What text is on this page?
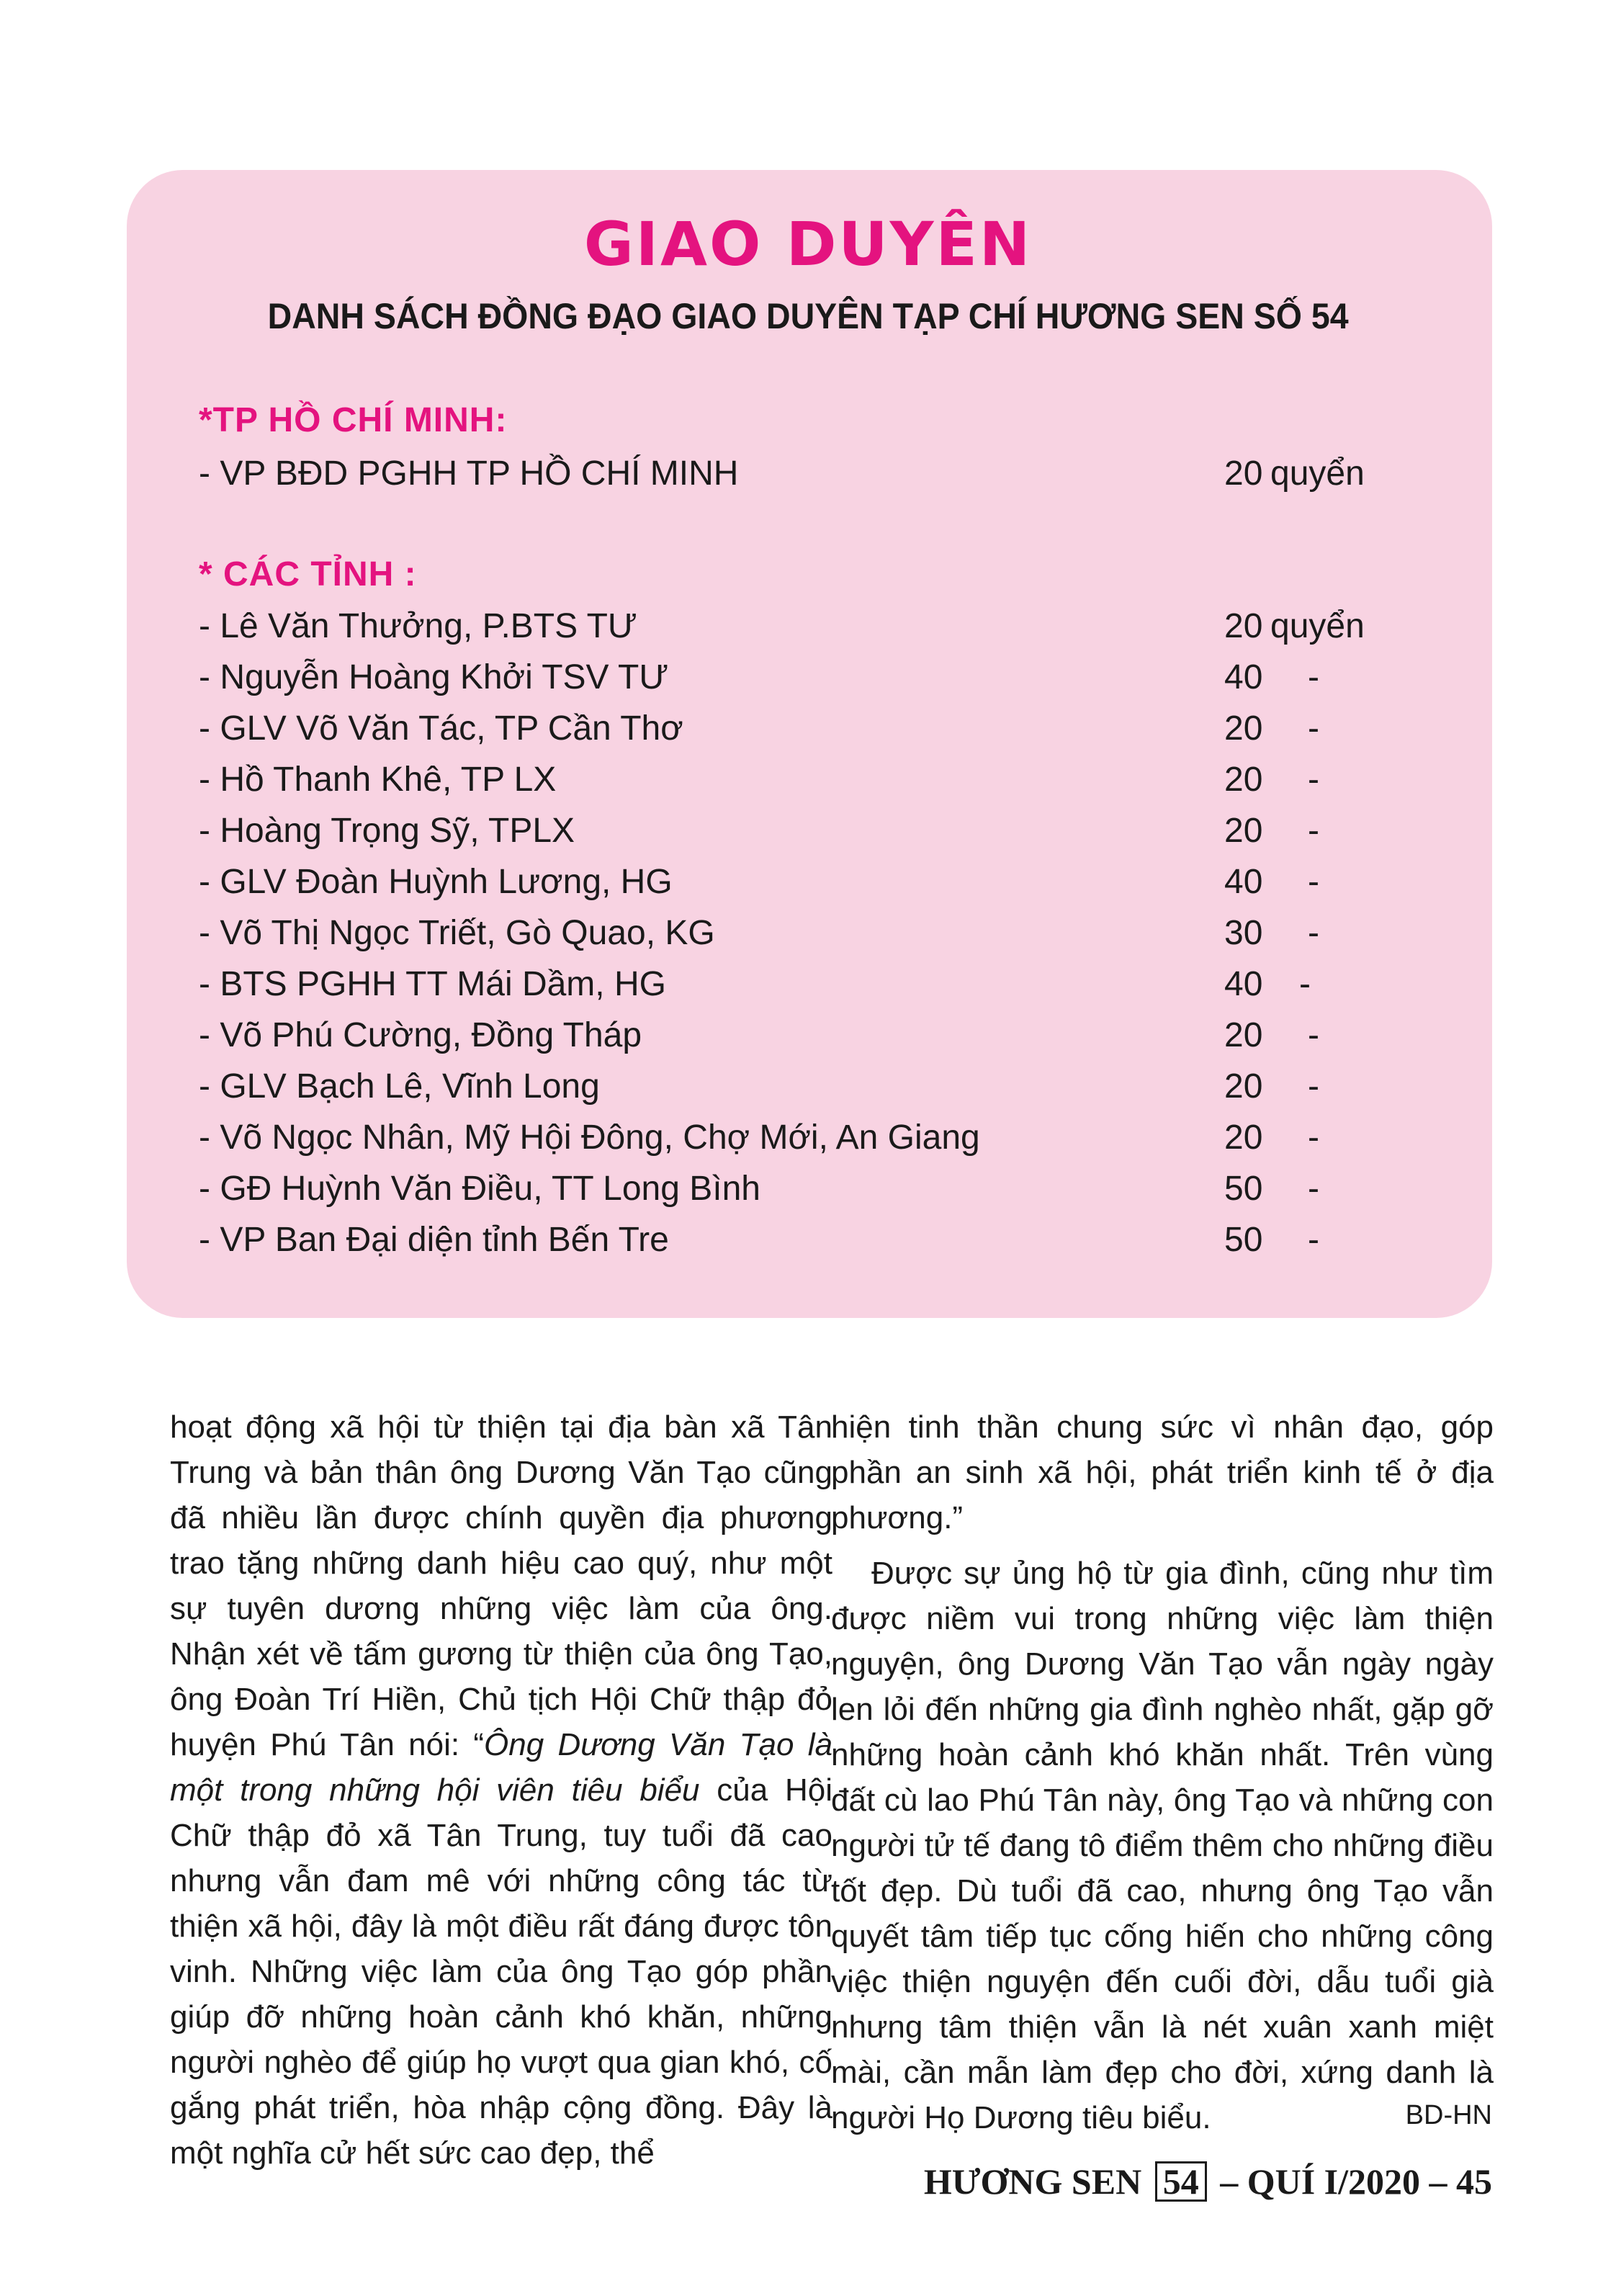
GIAO DUYÊN
DANH SÁCH ĐỒNG ĐẠO GIAO DUYÊN TẠP CHÍ HƯƠNG SEN SỐ 54
*TP HỒ CHÍ MINH:
- VP BĐD PGHH TP HỒ CHÍ MINH	20 quyển
* CÁC TỈNH :
- Lê Văn Thưởng, P.BTS TƯ	20 quyển
- Nguyễn Hoàng Khởi TSV TƯ	40 -
- GLV Võ Văn Tác, TP Cần Thơ	20 -
- Hồ Thanh Khê, TP LX	20 -
- Hoàng Trọng Sỹ, TPLX	20 -
- GLV Đoàn Huỳnh Lương, HG	40 -
- Võ Thị Ngọc Triết, Gò Quao, KG	30 -
- BTS PGHH TT Mái Dầm, HG	40 -
- Võ Phú Cường, Đồng Tháp	20 -
- GLV Bạch Lê, Vĩnh Long	20 -
- Võ Ngọc Nhân, Mỹ Hội Đông, Chợ Mới, An Giang	20 -
- GĐ Huỳnh Văn Điều, TT Long Bình	50 -
- VP Ban Đại diện tỉnh Bến Tre	50 -

hoạt động xã hội từ thiện tại địa bàn xã Tân Trung và bản thân ông Dương Văn Tạo cũng đã nhiều lần được chính quyền địa phương trao tặng những danh hiệu cao quý, như một sự tuyên dương những việc làm của ông. Nhận xét về tấm gương từ thiện của ông Tạo, ông Đoàn Trí Hiền, Chủ tịch Hội Chữ thập đỏ huyện Phú Tân nói: “Ông Dương Văn Tạo là một trong những hội viên tiêu biểu của Hội Chữ thập đỏ xã Tân Trung, tuy tuổi đã cao nhưng vẫn đam mê với những công tác từ thiện xã hội, đây là một điều rất đáng được tôn vinh. Những việc làm của ông Tạo góp phần giúp đỡ những hoàn cảnh khó khăn, những người nghèo để giúp họ vượt qua gian khó, cố gắng phát triển, hòa nhập cộng đồng. Đây là một nghĩa cử hết sức cao đẹp, thể

hiện tinh thần chung sức vì nhân đạo, góp phần an sinh xã hội, phát triển kinh tế ở địa phương.”

Được sự ủng hộ từ gia đình, cũng như tìm được niềm vui trong những việc làm thiện nguyện, ông Dương Văn Tạo vẫn ngày ngày len lỏi đến những gia đình nghèo nhất, gặp gỡ những hoàn cảnh khó khăn nhất. Trên vùng đất cù lao Phú Tân này, ông Tạo và những con người tử tế đang tô điểm thêm cho những điều tốt đẹp. Dù tuổi đã cao, nhưng ông Tạo vẫn quyết tâm tiếp tục cống hiến cho những công việc thiện nguyện đến cuối đời, dẫu tuổi già nhưng tâm thiện vẫn là nét xuân xanh miệt mài, cần mẫn làm đẹp cho đời, xứng danh là người Họ Dương tiêu biểu.	BD-HN
HƯƠNG SEN 54 – QUÍ I/2020 – 45
